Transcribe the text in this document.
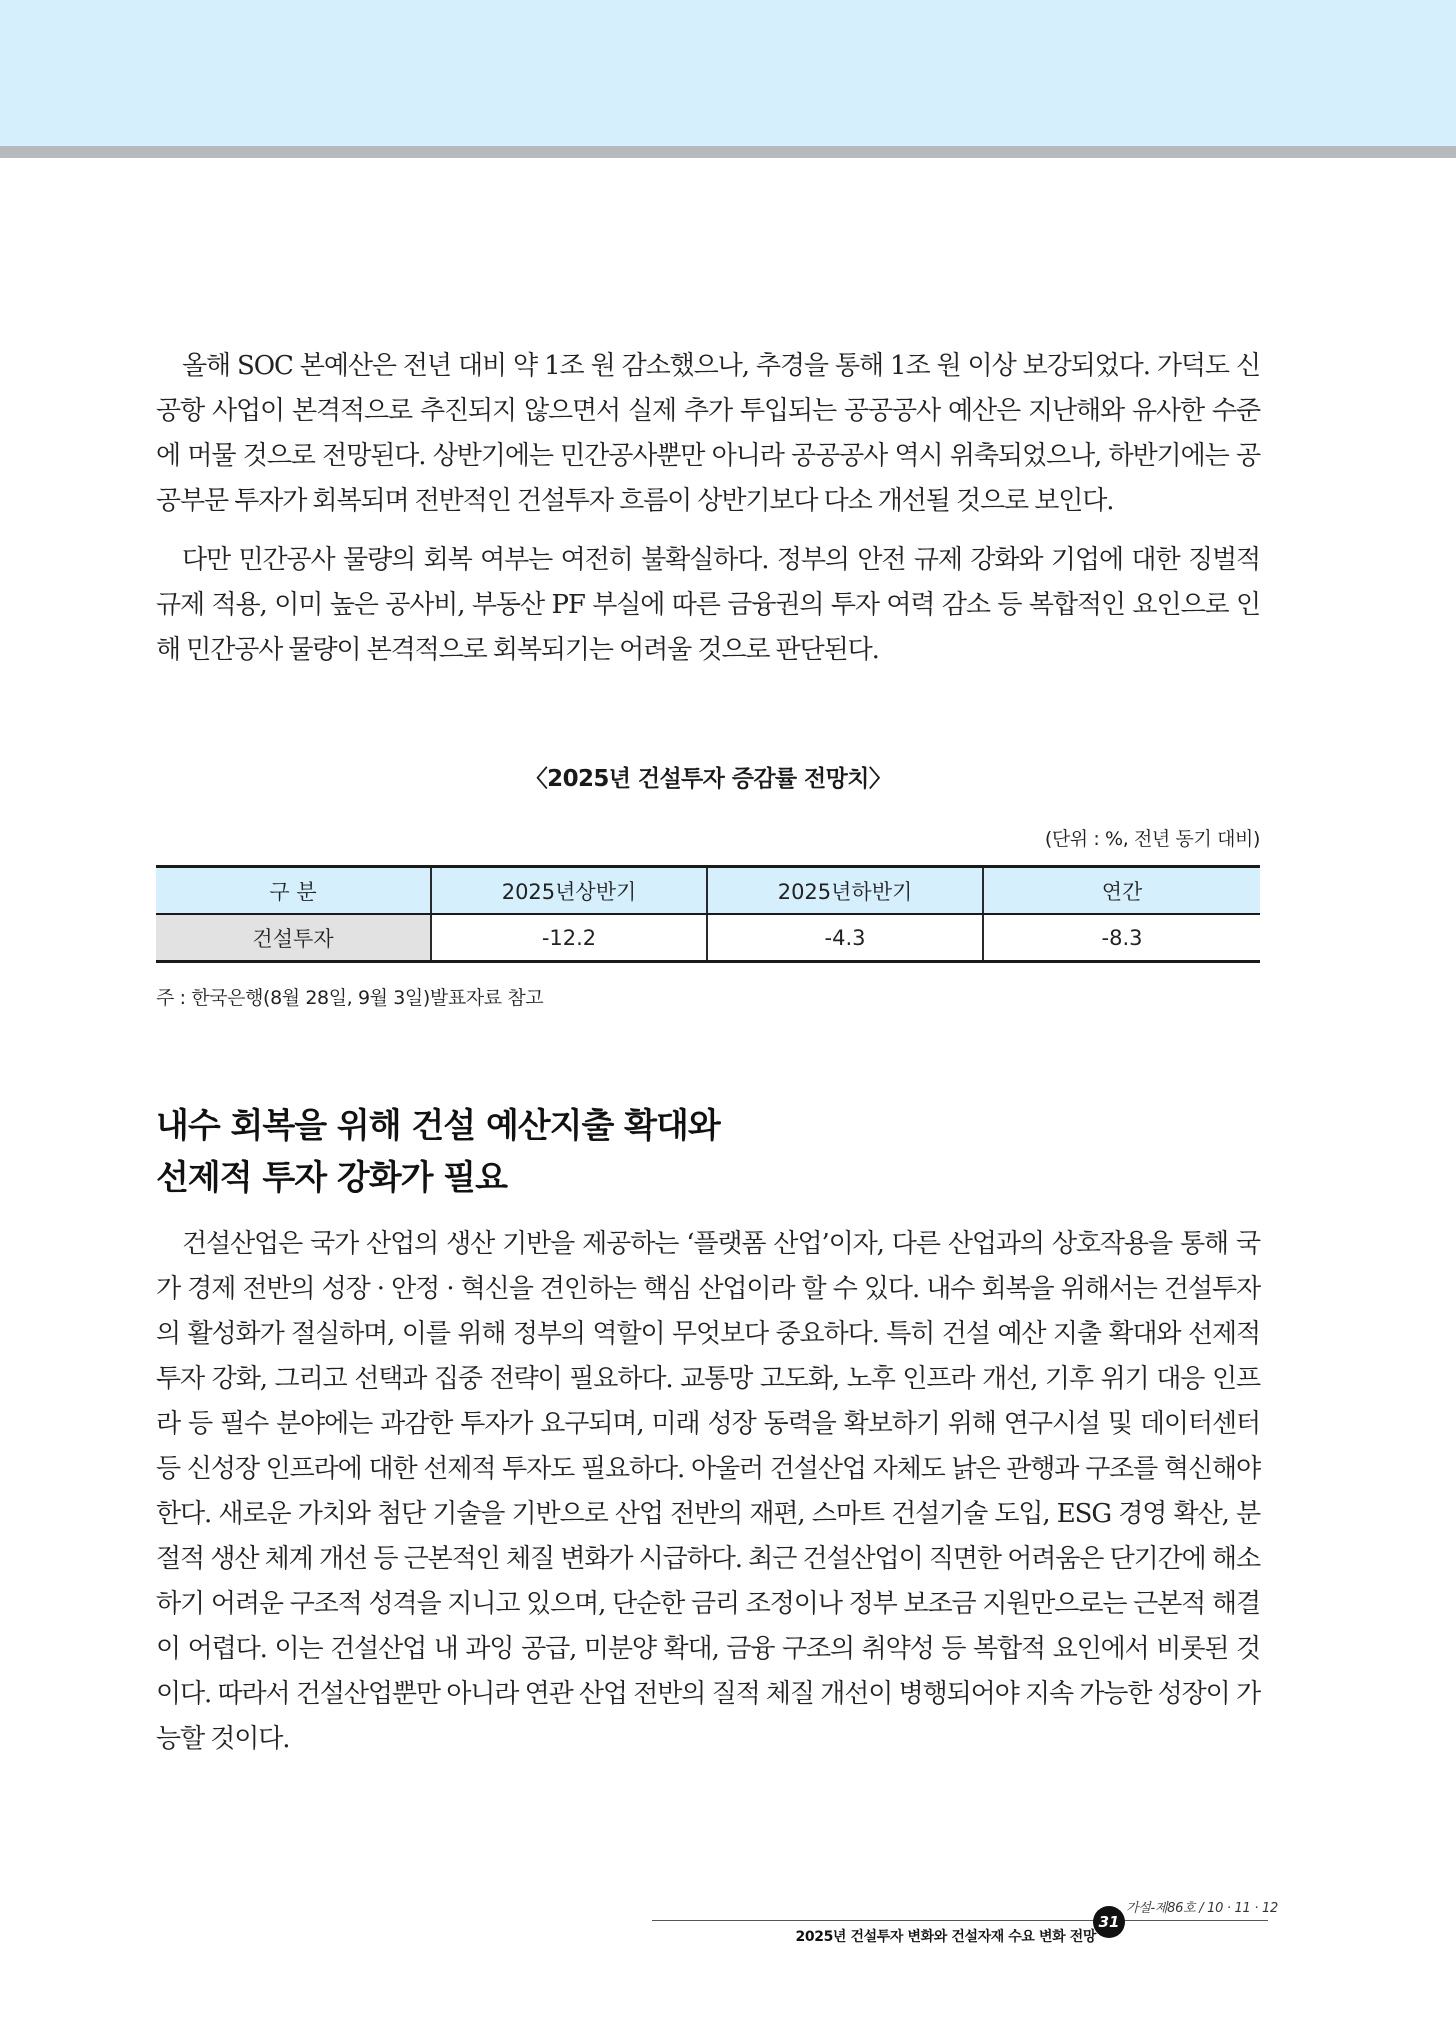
올해 SOC 본예산은 전년 대비 약 1조 원 감소했으나, 추경을 통해 1조 원 이상 보강되었다. 가덕도 신공항 사업이 본격적으로 추진되지 않으면서 실제 추가 투입되는 공공공사 예산은 지난해와 유사한 수준에 머물 것으로 전망된다. 상반기에는 민간공사뿐만 아니라 공공공사 역시 위축되었으나, 하반기에는 공공부문 투자가 회복되며 전반적인 건설투자 흐름이 상반기보다 다소 개선될 것으로 보인다.

다만 민간공사 물량의 회복 여부는 여전히 불확실하다. 정부의 안전 규제 강화와 기업에 대한 징벌적 규제 적용, 이미 높은 공사비, 부동산 PF 부실에 따른 금융권의 투자 여력 감소 등 복합적인 요인으로 인해 민간공사 물량이 본격적으로 회복되기는 어려울 것으로 판단된다.

〈2025년 건설투자 증감률 전망치〉
(단위 : %, 전년 동기 대비)
구 분	2025년상반기	2025년하반기	연간
건설투자	-12.2	-4.3	-8.3
주 : 한국은행(8월 28일, 9월 3일)발표자료 참고
내수 회복을 위해 건설 예산지출 확대와
선제적 투자 강화가 필요

건설산업은 국가 산업의 생산 기반을 제공하는 ‘플랫폼 산업’이자, 다른 산업과의 상호작용을 통해 국가 경제 전반의 성장 · 안정 · 혁신을 견인하는 핵심 산업이라 할 수 있다. 내수 회복을 위해서는 건설투자의 활성화가 절실하며, 이를 위해 정부의 역할이 무엇보다 중요하다. 특히 건설 예산 지출 확대와 선제적 투자 강화, 그리고 선택과 집중 전략이 필요하다. 교통망 고도화, 노후 인프라 개선, 기후 위기 대응 인프라 등 필수 분야에는 과감한 투자가 요구되며, 미래 성장 동력을 확보하기 위해 연구시설 및 데이터센터 등 신성장 인프라에 대한 선제적 투자도 필요하다. 아울러 건설산업 자체도 낡은 관행과 구조를 혁신해야 한다. 새로운 가치와 첨단 기술을 기반으로 산업 전반의 재편, 스마트 건설기술 도입, ESG 경영 확산, 분절적 생산 체계 개선 등 근본적인 체질 변화가 시급하다. 최근 건설산업이 직면한 어려움은 단기간에 해소하기 어려운 구조적 성격을 지니고 있으며, 단순한 금리 조정이나 정부 보조금 지원만으로는 근본적 해결이 어렵다. 이는 건설산업 내 과잉 공급, 미분양 확대, 금융 구조의 취약성 등 복합적 요인에서 비롯된 것이다. 따라서 건설산업뿐만 아니라 연관 산업 전반의 질적 체질 개선이 병행되어야 지속 가능한 성장이 가능할 것이다.

가설-제86호 / 10 · 11 · 12
31
2025년 건설투자 변화와 건설자재 수요 변화 전망
